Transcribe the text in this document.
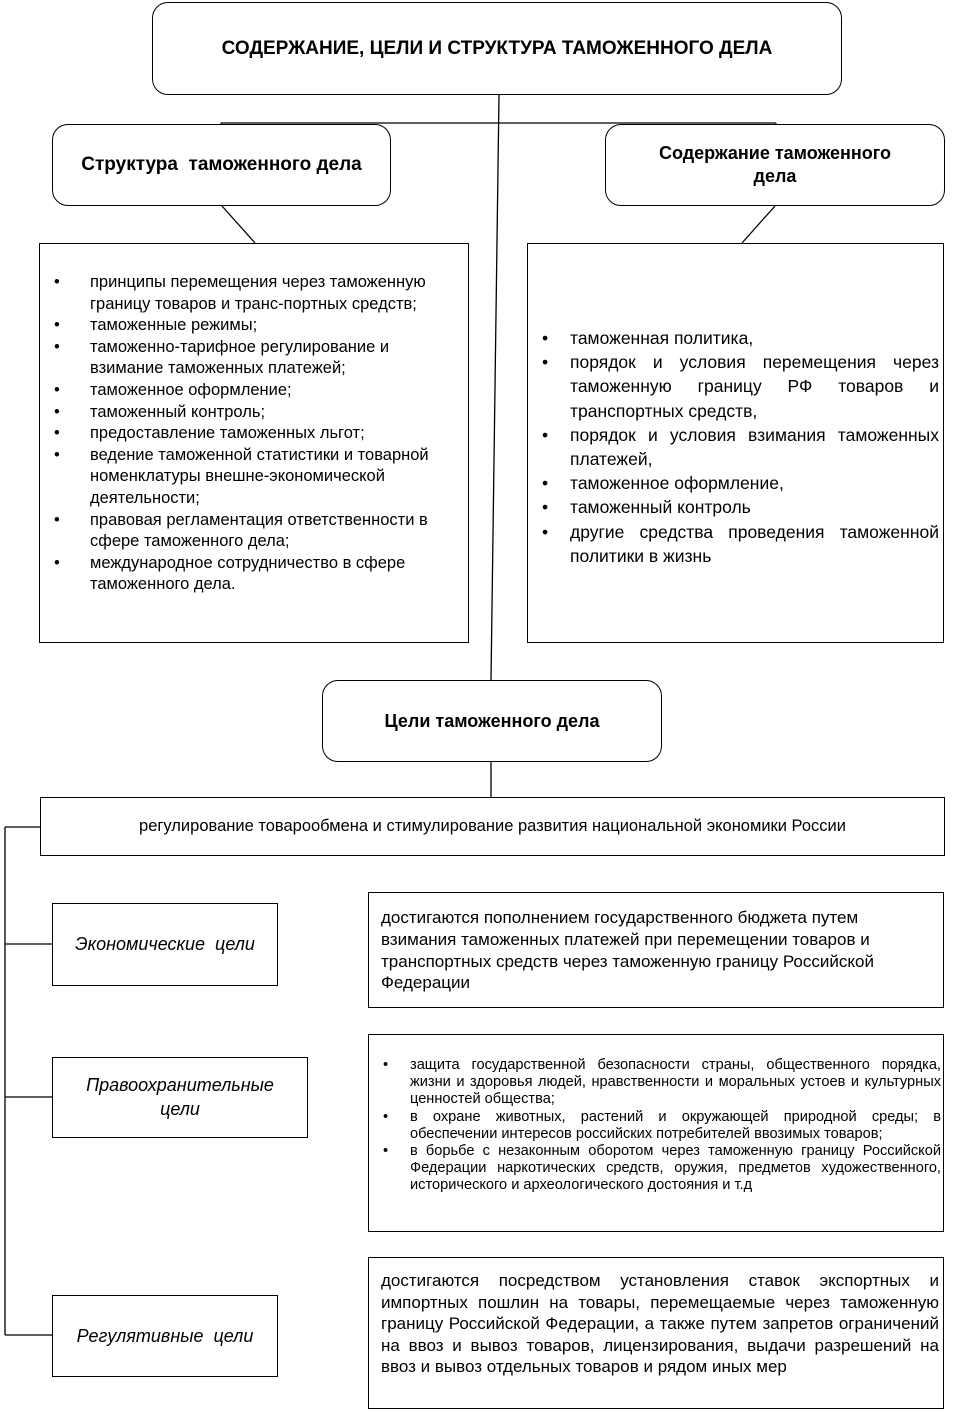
СОДЕРЖАНИЕ, ЦЕЛИ И СТРУКТУРА ТАМОЖЕННОГО ДЕЛА
Структура  таможенного дела
Содержание таможенного дела
• принципы перемещения через таможенную границу товаров и транс-портных средств;
• таможенные режимы;
• таможенно-тарифное регулирование и взимание таможенных платежей;
• таможенное оформление;
• таможенный контроль;
• предоставление таможенных льгот;
• ведение таможенной статистики и товарной номенклатуры внешне-экономической деятельности;
• правовая регламентация ответственности в сфере таможенного дела;
• международное сотрудничество в сфере таможенного дела.
• таможенная политика,
• порядок и условия перемещения через таможенную границу РФ товаров и транспортных средств,
• порядок и условия взимания таможенных платежей,
• таможенное оформление,
• таможенный контроль
• другие средства проведения таможенной политики в жизнь
Цели таможенного дела
регулирование товарообмена и стимулирование развития национальной экономики России
Экономические  цели
достигаются пополнением государственного бюджета путем взимания таможенных платежей при перемещении товаров и транспортных средств через таможенную границу Российской Федерации
Правоохранительные цели
• защита государственной безопасности страны, общественного порядка, жизни и здоровья людей, нравственности и моральных устоев и культурных ценностей общества;
• в охране животных, растений и окружающей природной среды; в обеспечении интересов российских потребителей ввозимых товаров;
• в борьбе с незаконным оборотом через таможенную границу Российской Федерации наркотических средств, оружия, предметов художественного, исторического и археологического достояния и т.д
Регулятивные  цели
достигаются посредством установления ставок экспортных и импортных пошлин на товары, перемещаемые через таможенную границу Российской Федерации, а также путем запретов ограничений на ввоз и вывоз товаров, лицензирования, выдачи разрешений на ввоз и вывоз отдельных товаров и рядом иных мер
